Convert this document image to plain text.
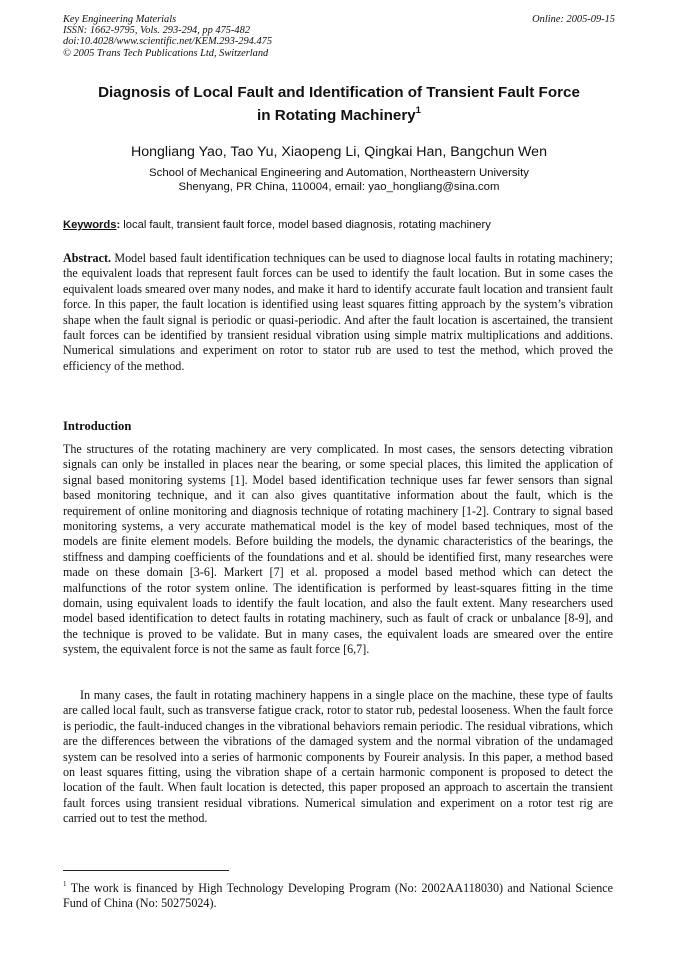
Key Engineering Materials
ISSN: 1662-9795, Vols. 293-294, pp 475-482
doi:10.4028/www.scientific.net/KEM.293-294.475
© 2005 Trans Tech Publications Ltd, Switzerland
Online: 2005-09-15
Diagnosis of Local Fault and Identification of Transient Fault Force
in Rotating Machinery$^1$
Hongliang Yao, Tao Yu, Xiaopeng Li, Qingkai Han, Bangchun Wen
School of Mechanical Engineering and Automation, Northeastern University
Shenyang, PR China, 110004, email: yao_hongliang@sina.com
Keywords: local fault, transient fault force, model based diagnosis, rotating machinery
Abstract. Model based fault identification techniques can be used to diagnose local faults in rotating machinery; the equivalent loads that represent fault forces can be used to identify the fault location. But in some cases the equivalent loads smeared over many nodes, and make it hard to identify accurate fault location and transient fault force. In this paper, the fault location is identified using least squares fitting approach by the system’s vibration shape when the fault signal is periodic or quasi-periodic. And after the fault location is ascertained, the transient fault forces can be identified by transient residual vibration using simple matrix multiplications and additions. Numerical simulations and experiment on rotor to stator rub are used to test the method, which proved the efficiency of the method.
Introduction
The structures of the rotating machinery are very complicated. In most cases, the sensors detecting vibration signals can only be installed in places near the bearing, or some special places, this limited the application of signal based monitoring systems [1]. Model based identification technique uses far fewer sensors than signal based monitoring technique, and it can also gives quantitative information about the fault, which is the requirement of online monitoring and diagnosis technique of rotating machinery [1-2]. Contrary to signal based monitoring systems, a very accurate mathematical model is the key of model based techniques, most of the models are finite element models. Before building the models, the dynamic characteristics of the bearings, the stiffness and damping coefficients of the foundations and et al. should be identified first, many researches were made on these domain [3-6]. Markert [7] et al. proposed a model based method which can detect the malfunctions of the rotor system online. The identification is performed by least-squares fitting in the time domain, using equivalent loads to identify the fault location, and also the fault extent. Many researchers used model based identification to detect faults in rotating machinery, such as fault of crack or unbalance [8-9], and the technique is proved to be validate. But in many cases, the equivalent loads are smeared over the entire system, the equivalent force is not the same as fault force [6,7].
In many cases, the fault in rotating machinery happens in a single place on the machine, these type of faults are called local fault, such as transverse fatigue crack, rotor to stator rub, pedestal looseness. When the fault force is periodic, the fault-induced changes in the vibrational behaviors remain periodic. The residual vibrations, which are the differences between the vibrations of the damaged system and the normal vibration of the undamaged system can be resolved into a series of harmonic components by Foureir analysis. In this paper, a method based on least squares fitting, using the vibration shape of a certain harmonic component is proposed to detect the location of the fault. When fault location is detected, this paper proposed an approach to ascertain the transient fault forces using transient residual vibrations. Numerical simulation and experiment on a rotor test rig are carried out to test the method.
$^1$ The work is financed by High Technology Developing Program (No: 2002AA118030) and National Science Fund of China (No: 50275024).
